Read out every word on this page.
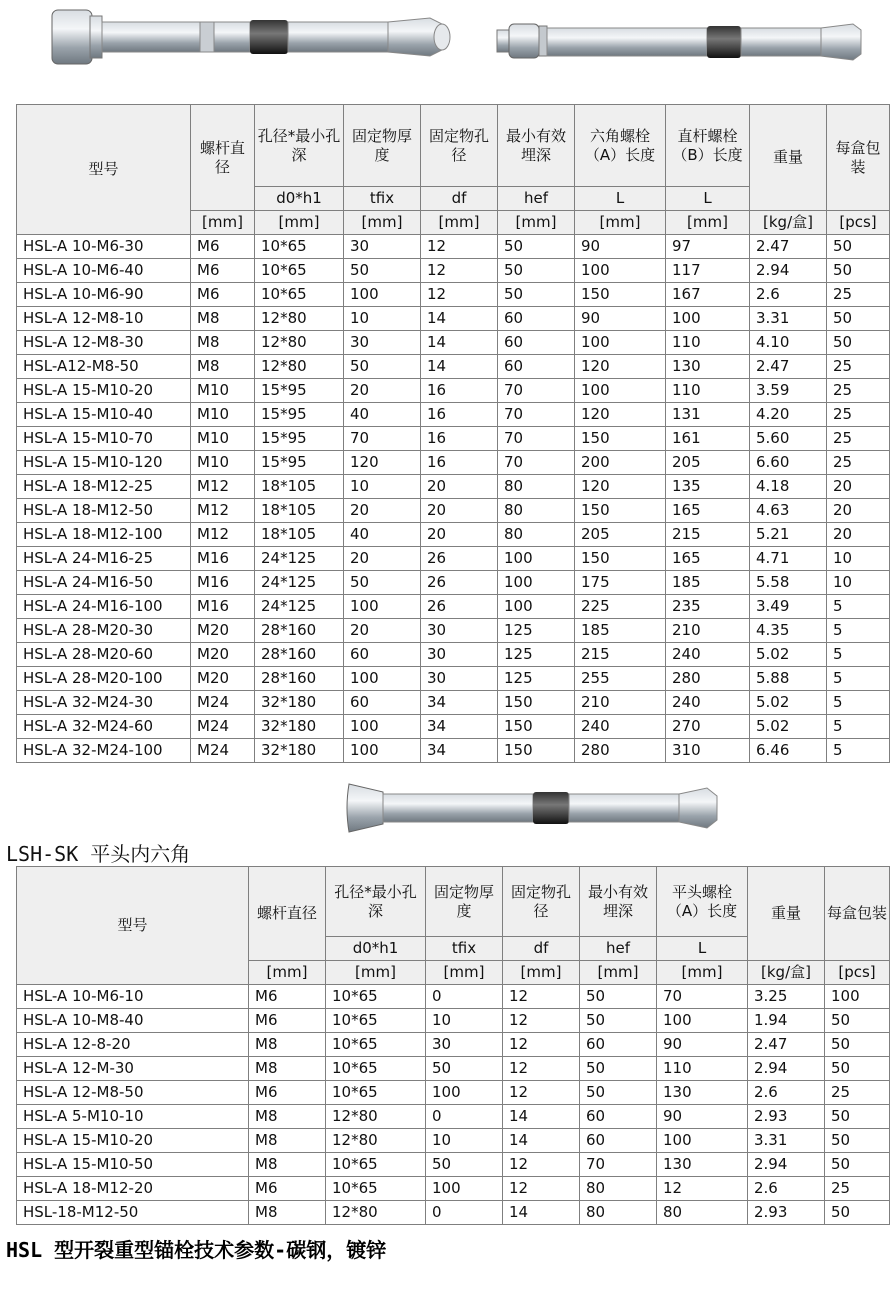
型号	螺杆直径	孔径*最小孔深	固定物厚度	固定物孔径	最小有效埋深	六角螺栓（A）长度	直杆螺栓（B）长度	重量	每盒包装
		d0*h1	tfix	df	hef	L	L		
	[mm]	[mm]	[mm]	[mm]	[mm]	[mm]	[mm]	[kg/盒]	[pcs]
HSL-A 10-M6-30	M6	10*65	30	12	50	90	97	2.47	50
HSL-A 10-M6-40	M6	10*65	50	12	50	100	117	2.94	50
HSL-A 10-M6-90	M6	10*65	100	12	50	150	167	2.6	25
HSL-A 12-M8-10	M8	12*80	10	14	60	90	100	3.31	50
HSL-A 12-M8-30	M8	12*80	30	14	60	100	110	4.10	50
HSL-A12-M8-50	M8	12*80	50	14	60	120	130	2.47	25
HSL-A 15-M10-20	M10	15*95	20	16	70	100	110	3.59	25
HSL-A 15-M10-40	M10	15*95	40	16	70	120	131	4.20	25
HSL-A 15-M10-70	M10	15*95	70	16	70	150	161	5.60	25
HSL-A 15-M10-120	M10	15*95	120	16	70	200	205	6.60	25
HSL-A 18-M12-25	M12	18*105	10	20	80	120	135	4.18	20
HSL-A 18-M12-50	M12	18*105	20	20	80	150	165	4.63	20
HSL-A 18-M12-100	M12	18*105	40	20	80	205	215	5.21	20
HSL-A 24-M16-25	M16	24*125	20	26	100	150	165	4.71	10
HSL-A 24-M16-50	M16	24*125	50	26	100	175	185	5.58	10
HSL-A 24-M16-100	M16	24*125	100	26	100	225	235	3.49	5
HSL-A 28-M20-30	M20	28*160	20	30	125	185	210	4.35	5
HSL-A 28-M20-60	M20	28*160	60	30	125	215	240	5.02	5
HSL-A 28-M20-100	M20	28*160	100	30	125	255	280	5.88	5
HSL-A 32-M24-30	M24	32*180	60	34	150	210	240	5.02	5
HSL-A 32-M24-60	M24	32*180	100	34	150	240	270	5.02	5
HSL-A 32-M24-100	M24	32*180	100	34	150	280	310	6.46	5
LSH-SK 平头内六角
型号	螺杆直径	孔径*最小孔深	固定物厚度	固定物孔径	最小有效埋深	平头螺栓（A）长度	重量	每盒包装
		d0*h1	tfix	df	hef	L		
	[mm]	[mm]	[mm]	[mm]	[mm]	[mm]	[kg/盒]	[pcs]
HSL-A 10-M6-10	M6	10*65	0	12	50	70	3.25	100
HSL-A 10-M8-40	M6	10*65	10	12	50	100	1.94	50
HSL-A 12-8-20	M8	10*65	30	12	60	90	2.47	50
HSL-A 12-M-30	M8	10*65	50	12	50	110	2.94	50
HSL-A 12-M8-50	M6	10*65	100	12	50	130	2.6	25
HSL-A 5-M10-10	M8	12*80	0	14	60	90	2.93	50
HSL-A 15-M10-20	M8	12*80	10	14	60	100	3.31	50
HSL-A 15-M10-50	M8	10*65	50	12	70	130	2.94	50
HSL-A 18-M12-20	M6	10*65	100	12	80	12	2.6	25
HSL-18-M12-50	M8	12*80	0	14	80	80	2.93	50
HSL 型开裂重型锚栓技术参数-碳钢，镀锌
